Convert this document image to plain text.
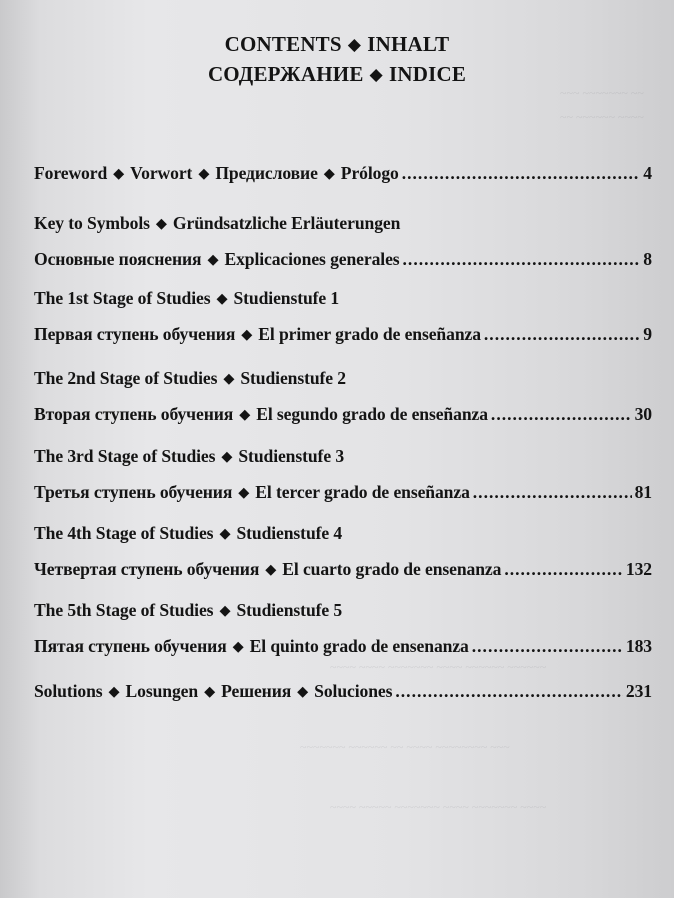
~~~ ~~~~~~~ ~~
~~ ~~~~~~ ~~~~
~~~~ ~~~~ ~~~~~~~ ~~~~ ~~~~~~ ~~~~~~
~~~~~~~ ~~~~~~ ~~ ~~~~ ~~~~~~~~ ~~~
~~~~ ~~~~~ ~~~~~~~ ~~~~ ~~~~~~~ ~~~~
CONTENTS ◆ INHALT
СОДЕРЖАНИЕ ◆ INDICE
Foreword ◆ Vorwort ◆ Предисловие ◆ Prólogo .....	4
Key to Symbols ◆ Gründsatzliche Erläuterungen
Основные пояснения ◆ Explicaciones generales .....	8
The 1st Stage of Studies ◆ Studienstufe 1
Первая ступень обучения ◆ El primer grado de enseñanza .....	9
The 2nd Stage of Studies ◆ Studienstufe 2
Вторая ступень обучения ◆ El segundo grado de enseñanza .....	30
The 3rd Stage of Studies ◆ Studienstufe 3
Третья ступень обучения ◆ El tercer grado de enseñanza .....	81
The 4th Stage of Studies ◆ Studienstufe 4
Четвертая ступень обучения ◆ El cuarto grado de ensenanza .....	132
The 5th Stage of Studies ◆ Studienstufe 5
Пятая ступень обучения ◆ El quinto grado de ensenanza .....	183
Solutions ◆ Losungen ◆ Решения ◆ Soluciones .....	231
